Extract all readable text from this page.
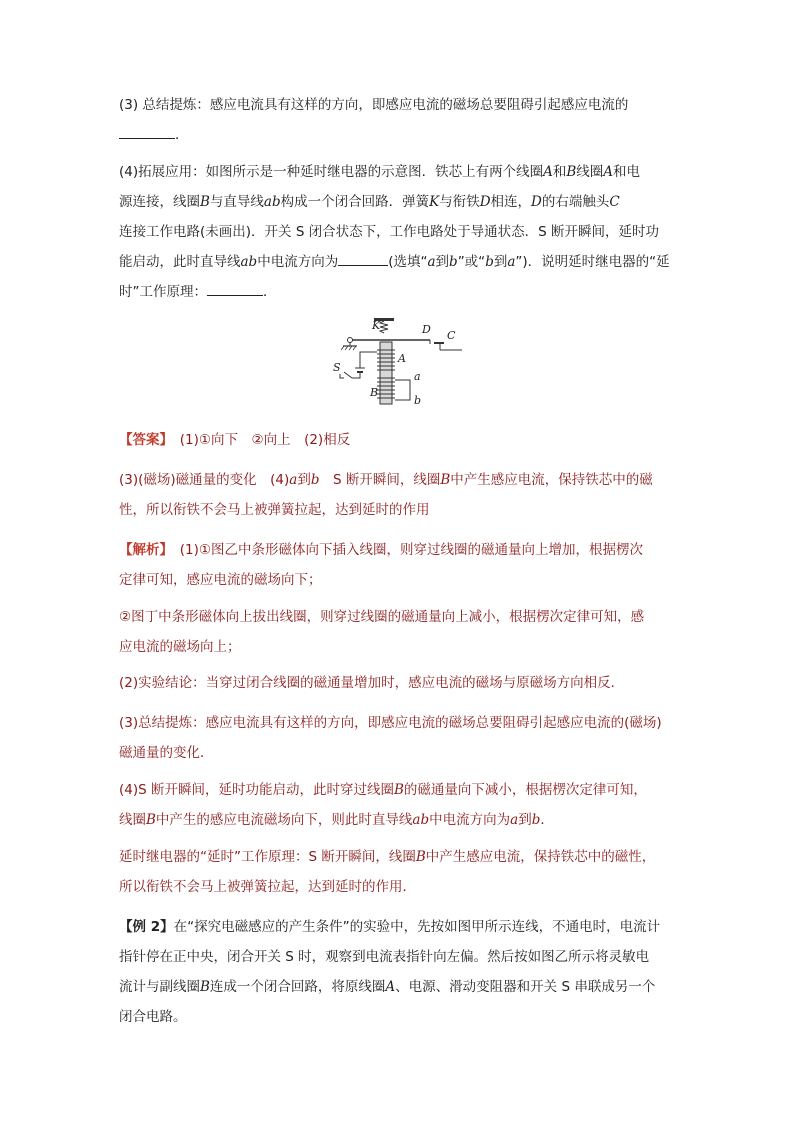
(3) 总结提炼：感应电流具有这样的方向，即感应电流的磁场总要阻碍引起感应电流的
．

(4)拓展应用：如图所示是一种延时继电器的示意图．铁芯上有两个线圈A和B线圈A和电
源连接，线圈B与直导线ab构成一个闭合回路．弹簧K与衔铁D相连，D的右端触头C
连接工作电路(未画出)．开关 S 闭合状态下，工作电路处于导通状态．S 断开瞬间，延时功
能启动，此时直导线ab中电流方向为	(选填“a到b”或“b到a”)．说明延时继电器的“延
时”工作原理：	．

K	D C
A
B
S
a
b

【答案】　 (1)①向下　②向上　(2)相反

(3)(磁场)磁通量的变化　(4)a到b　S 断开瞬间，线圈B中产生感应电流，保持铁芯中的磁
性，所以衔铁不会马上被弹簧拉起，达到延时的作用

【解析】　 (1)①图乙中条形磁体向下插入线圈，则穿过线圈的磁通量向上增加，根据楞次
定律可知，感应电流的磁场向下；

②图丁中条形磁体向上拔出线圈，则穿过线圈的磁通量向上减小，根据楞次定律可知，感
应电流的磁场向上；

(2)实验结论：当穿过闭合线圈的磁通量增加时，感应电流的磁场与原磁场方向相反．

(3)总结提炼：感应电流具有这样的方向，即感应电流的磁场总要阻碍引起感应电流的(磁场)
磁通量的变化．

(4)S 断开瞬间，延时功能启动，此时穿过线圈B的磁通量向下减小，根据楞次定律可知，
线圈B中产生的感应电流磁场向下，则此时直导线ab中电流方向为a到b．

延时继电器的“延时”工作原理：S 断开瞬间，线圈B中产生感应电流，保持铁芯中的磁性，
所以衔铁不会马上被弹簧拉起，达到延时的作用．

【例 2】在“探究电磁感应的产生条件”的实验中，先按如图甲所示连线，不通电时，电流计
指针停在正中央，闭合开关 S 时，观察到电流表指针向左偏。然后按如图乙所示将灵敏电
流计与副线圈B连成一个闭合回路，将原线圈A、电源、滑动变阻器和开关 S 串联成另一个
闭合电路。
